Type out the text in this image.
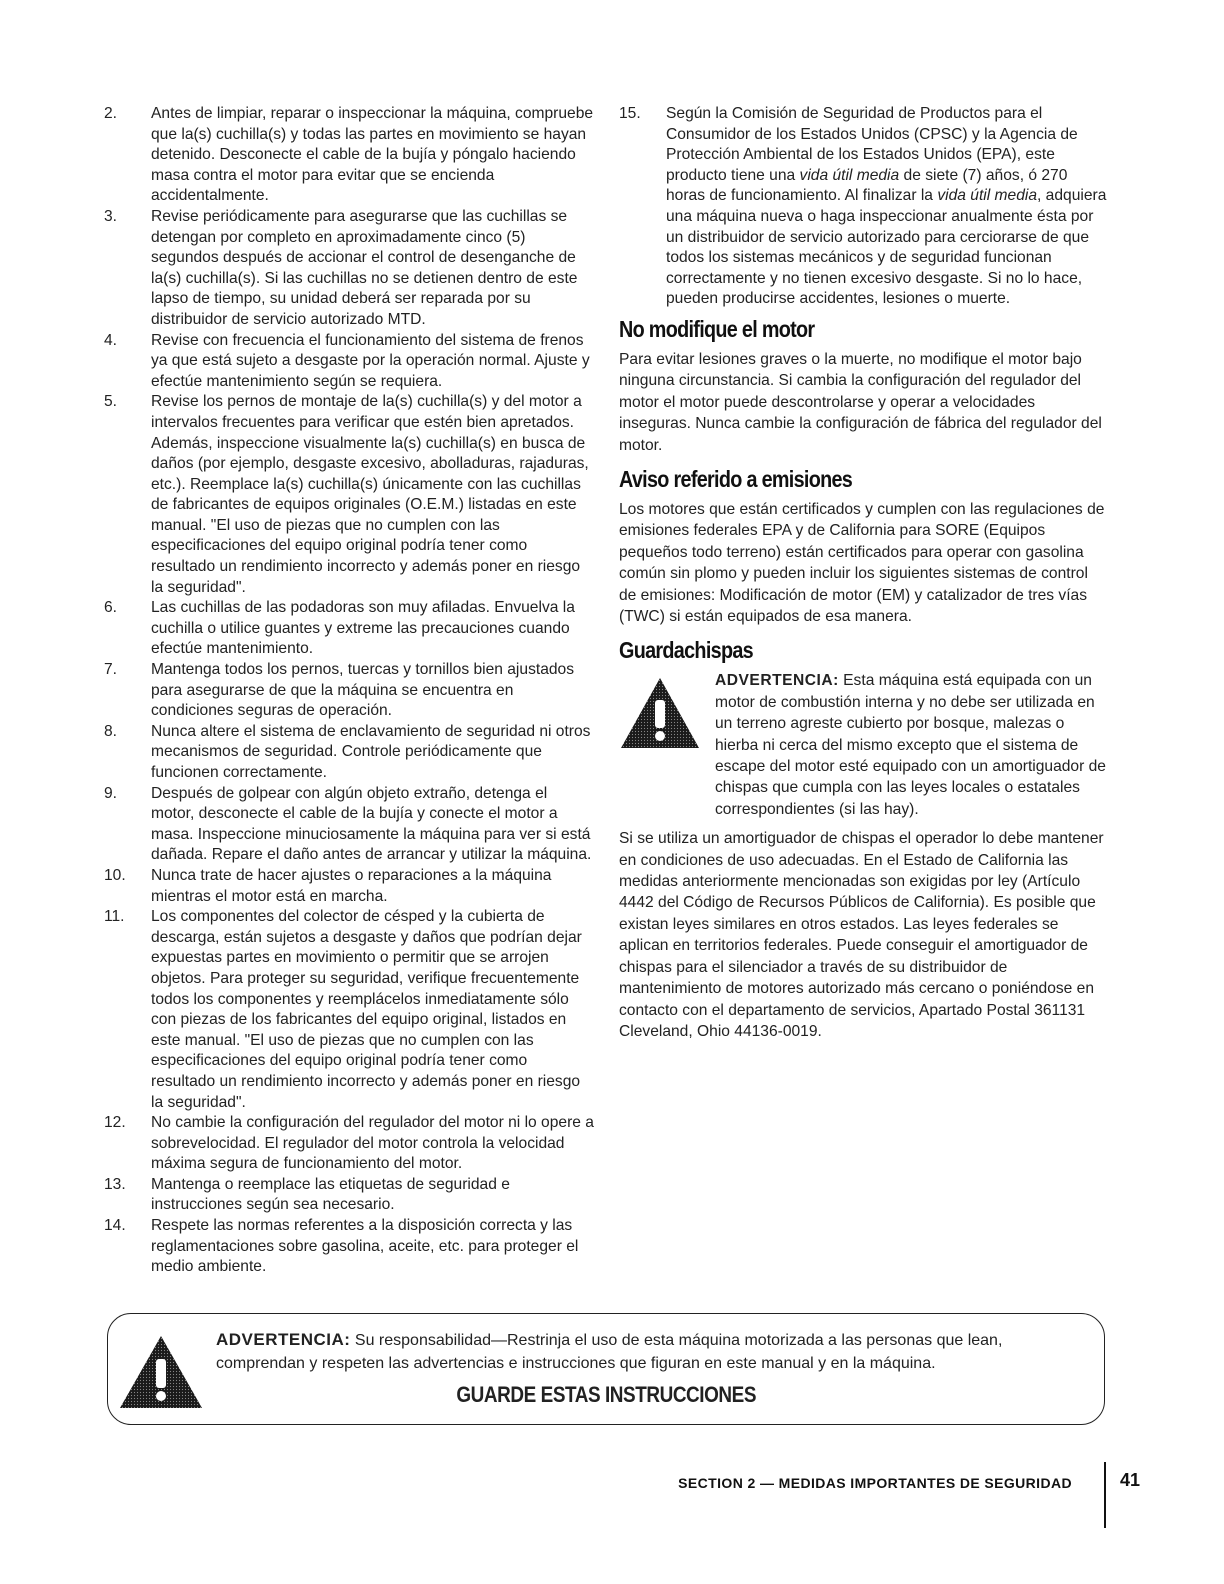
2.	Antes de limpiar, reparar o inspeccionar la máquina, compruebe que la(s) cuchilla(s) y todas las partes en movimiento se hayan detenido. Desconecte el cable de la bujía y póngalo haciendo masa contra el motor para evitar que se encienda accidentalmente.
3.	Revise periódicamente para asegurarse que las cuchillas se detengan por completo en aproximadamente cinco (5) segundos después de accionar el control de desenganche de la(s) cuchilla(s). Si las cuchillas no se detienen dentro de este lapso de tiempo, su unidad deberá ser reparada por su distribuidor de servicio autorizado MTD.
4.	Revise con frecuencia el funcionamiento del sistema de frenos ya que está sujeto a desgaste por la operación normal. Ajuste y efectúe mantenimiento según se requiera.
5.	Revise los pernos de montaje de la(s) cuchilla(s) y del motor a intervalos frecuentes para verificar que estén bien apretados. Además, inspeccione visualmente la(s) cuchilla(s) en busca de daños (por ejemplo, desgaste excesivo, abolladuras, rajaduras, etc.). Reemplace la(s) cuchilla(s) únicamente con las cuchillas de fabricantes de equipos originales (O.E.M.) listadas en este manual. "El uso de piezas que no cumplen con las especificaciones del equipo original podría tener como resultado un rendimiento incorrecto y además poner en riesgo la seguridad".
6.	Las cuchillas de las podadoras son muy afiladas. Envuelva la cuchilla o utilice guantes y extreme las precauciones cuando efectúe mantenimiento.
7.	Mantenga todos los pernos, tuercas y tornillos bien ajustados para asegurarse de que la máquina se encuentra en condiciones seguras de operación.
8.	Nunca altere el sistema de enclavamiento de seguridad ni otros mecanismos de seguridad. Controle periódicamente que funcionen correctamente.
9.	Después de golpear con algún objeto extraño, detenga el motor, desconecte el cable de la bujía y conecte el motor a masa. Inspeccione minuciosamente la máquina para ver si está dañada. Repare el daño antes de arrancar y utilizar la máquina.
10.	Nunca trate de hacer ajustes o reparaciones a la máquina mientras el motor está en marcha.
11.	Los componentes del colector de césped y la cubierta de descarga, están sujetos a desgaste y daños que podrían dejar expuestas partes en movimiento o permitir que se arrojen objetos. Para proteger su seguridad, verifique frecuentemente todos los componentes y reemplácelos inmediatamente sólo con piezas de los fabricantes del equipo original, listados en este manual. "El uso de piezas que no cumplen con las especificaciones del equipo original podría tener como resultado un rendimiento incorrecto y además poner en riesgo la seguridad".
12.	No cambie la configuración del regulador del motor ni lo opere a sobrevelocidad. El regulador del motor controla la velocidad máxima segura de funcionamiento del motor.
13.	Mantenga o reemplace las etiquetas de seguridad e instrucciones según sea necesario.
14.	Respete las normas referentes a la disposición correcta y las reglamentaciones sobre gasolina, aceite, etc. para proteger el medio ambiente.
15.	Según la Comisión de Seguridad de Productos para el Consumidor de los Estados Unidos (CPSC) y la Agencia de Protección Ambiental de los Estados Unidos (EPA), este producto tiene una vida útil media de siete (7) años, ó 270 horas de funcionamiento. Al finalizar la vida útil media, adquiera una máquina nueva o haga inspeccionar anualmente ésta por un distribuidor de servicio autorizado para cerciorarse de que todos los sistemas mecánicos y de seguridad funcionan correctamente y no tienen excesivo desgaste. Si no lo hace, pueden producirse accidentes, lesiones o muerte.
No modifique el motor

Para evitar lesiones graves o la muerte, no modifique el motor bajo ninguna circunstancia. Si cambia la configuración del regulador del motor el motor puede descontrolarse y operar a velocidades inseguras. Nunca cambie la configuración de fábrica del regulador del motor.

Aviso referido a emisiones

Los motores que están certificados y cumplen con las regulaciones de emisiones federales EPA y de California para SORE (Equipos pequeños todo terreno) están certificados para operar con gasolina común sin plomo y pueden incluir los siguientes sistemas de control de emisiones: Modificación de motor (EM) y catalizador de tres vías (TWC) si están equipados de esa manera.

Guardachispas
ADVERTENCIA: Esta máquina está equipada con un motor de combustión interna y no debe ser utilizada en un terreno agreste cubierto por bosque, malezas o hierba ni cerca del mismo excepto que el sistema de escape del motor esté equipado con un amortiguador de chispas que cumpla con las leyes locales o estatales correspondientes (si las hay).

Si se utiliza un amortiguador de chispas el operador lo debe mantener en condiciones de uso adecuadas. En el Estado de California las medidas anteriormente mencionadas son exigidas por ley (Artículo 4442 del Código de Recursos Públicos de California). Es posible que existan leyes similares en otros estados. Las leyes federales se aplican en territorios federales. Puede conseguir el amortiguador de chispas para el silenciador a través de su distribuidor de mantenimiento de motores autorizado más cercano o poniéndose en contacto con el departamento de servicios, Apartado Postal 361131 Cleveland, Ohio 44136-0019.

ADVERTENCIA: Su responsabilidad—Restrinja el uso de esta máquina motorizada a las personas que lean, comprendan y respeten las advertencias e instrucciones que figuran en este manual y en la máquina.
GUARDE ESTAS INSTRUCCIONES
SECTION 2 — MEDIDAS IMPORTANTES DE SEGURIDAD	41
